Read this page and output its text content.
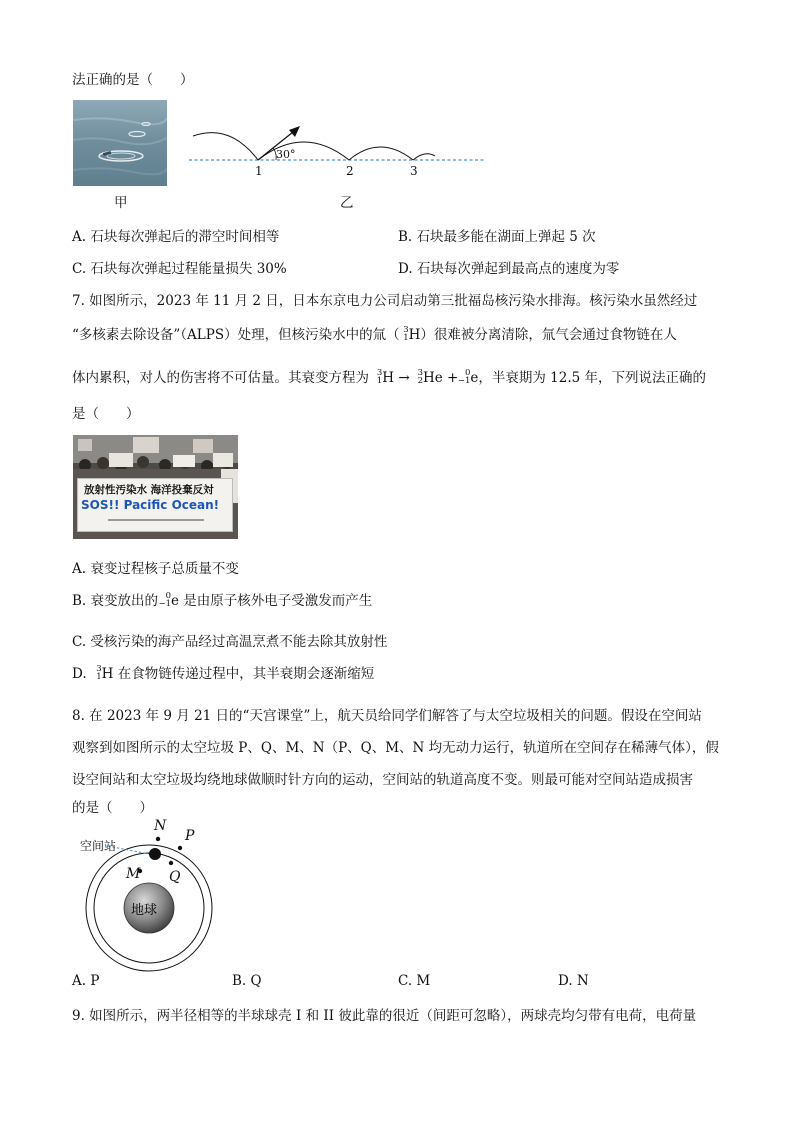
法正确的是（　　）
30°
1	2	3
甲	乙
A. 石块每次弹起后的滞空时间相等	B. 石块最多能在湖面上弹起 5 次
C. 石块每次弹起过程能量损失 30%	D. 石块每次弹起到最高点的速度为零
7. 如图所示，2023 年 11 月 2 日，日本东京电力公司启动第三批福岛核污染水排海。核污染水虽然经过
“多核素去除设备”（ALPS）处理，但核污染水中的氚（ 3
1 H）很难被分离清除，氚气会通过食物链在人
体内累积，对人的伤害将不可估量。其衰变方程为 3
1 H → 3
2 He + 0
−1 e，半衰期为 12.5 年，下列说法正确的
是（　　）
放射性汚染水 海洋投棄反対
SOS!! Pacific Ocean!
A. 衰变过程核子总质量不变
B. 衰变放出的 0
−1 e 是由原子核外电子受激发而产生
C. 受核污染的海产品经过高温烹煮不能去除其放射性
D. 3
1 H 在食物链传递过程中，其半衰期会逐渐缩短
8. 在 2023 年 9 月 21 日的“天宫课堂”上，航天员给同学们解答了与太空垃圾相关的问题。假设在空间站
观察到如图所示的太空垃圾 P、Q、M、N（P、Q、M、N 均无动力运行，轨道所在空间存在稀薄气体），假
设空间站和太空垃圾均绕地球做顺时针方向的运动，空间站的轨道高度不变。则最可能对空间站造成损害
的是（　　）
空间站
N
P
M Q
地球
A. P	B. Q	C. M	D. N
9. 如图所示，两半径相等的半球球壳 I 和 II 彼此靠的很近（间距可忽略），两球壳均匀带有电荷，电荷量
